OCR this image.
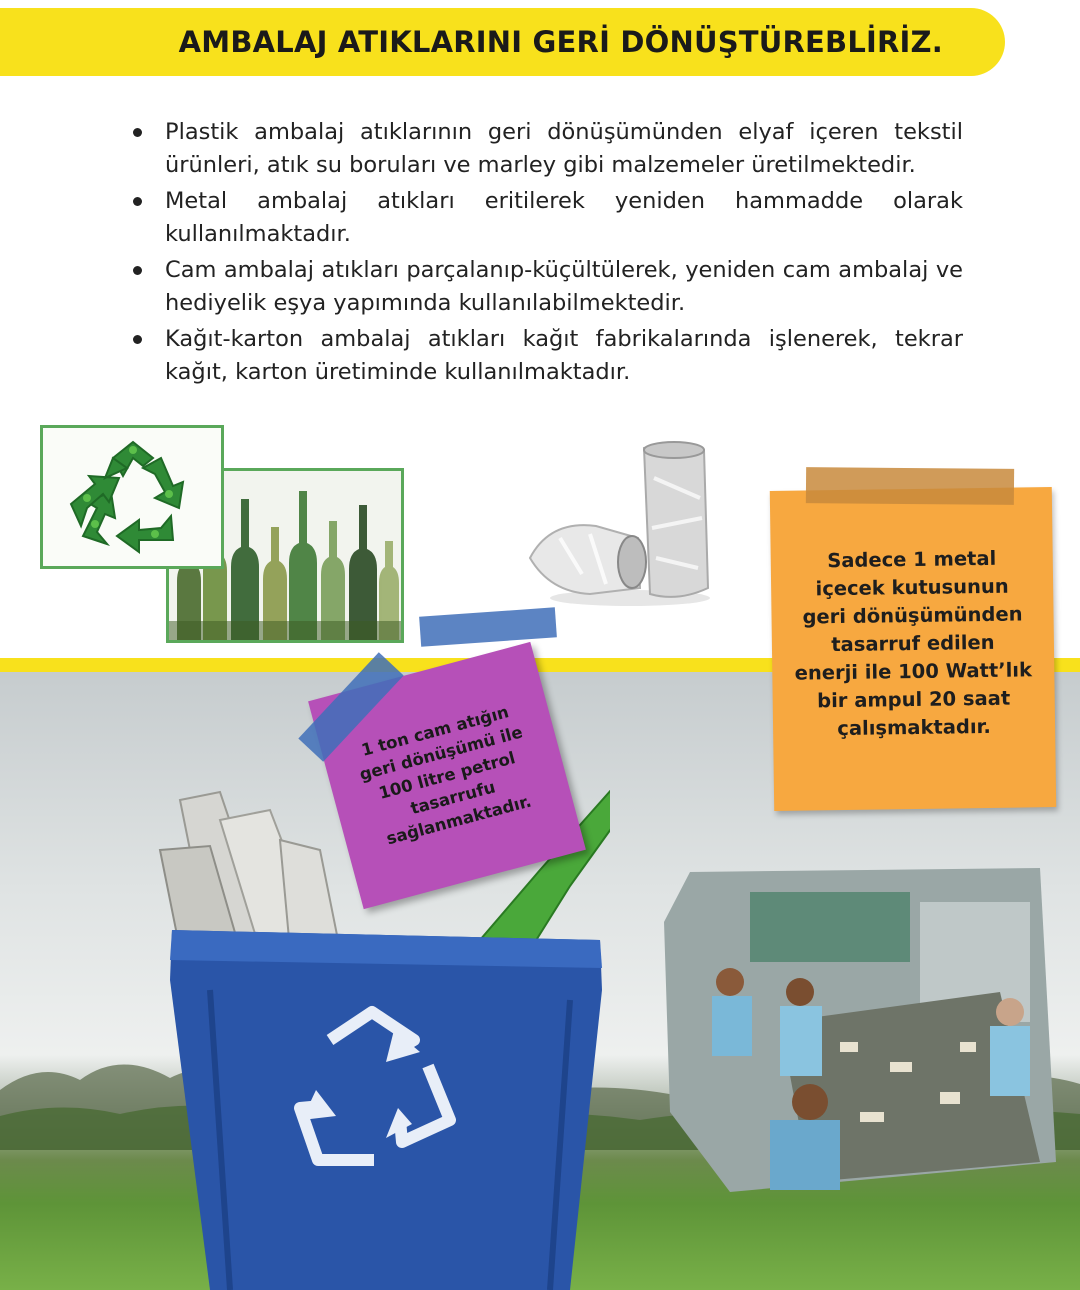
AMBALAJ ATIKLARINI GERİ DÖNÜŞTÜREBLİRİZ.
Plastik ambalaj atıklarının geri dönüşümünden elyaf içeren tekstil ürünleri, atık su boruları ve marley gibi malzemeler üretilmektedir.
Metal ambalaj atıkları eritilerek yeniden hammadde olarak kullanılmaktadır.
Cam ambalaj atıkları parçalanıp-küçültülerek, yeniden cam ambalaj ve hediyelik eşya yapımında kullanılabilmektedir.
Kağıt-karton ambalaj atıkları kağıt fabrikalarında işlenerek, tekrar kağıt, karton üretiminde kullanılmaktadır.

Sadece 1 metal
içecek kutusunun
geri dönüşümünden
tasarruf edilen
enerji ile 100 Watt’lık
bir ampul 20 saat
çalışmaktadır.

1 ton cam atığın
geri dönüşümü ile
100 litre petrol
tasarrufu
sağlanmaktadır.
